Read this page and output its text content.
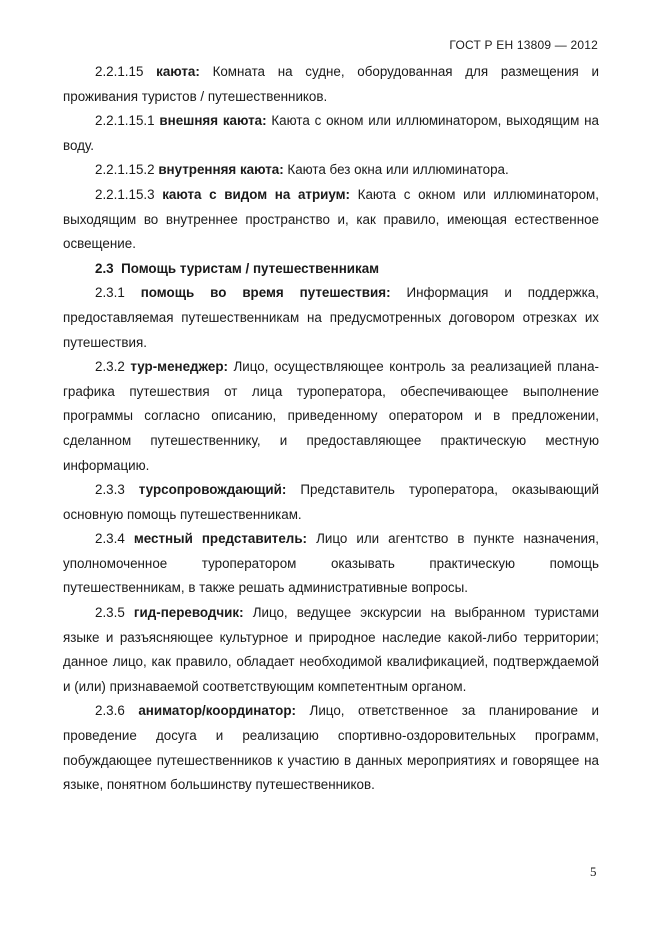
ГОСТ Р ЕН 13809 — 2012

2.2.1.15 каюта: Комната на судне, оборудованная для размещения и проживания туристов / путешественников.

2.2.1.15.1 внешняя каюта: Каюта с окном или иллюминатором, выходящим на воду.

2.2.1.15.2 внутренняя каюта: Каюта без окна или иллюминатора.

2.2.1.15.3 каюта с видом на атриум: Каюта с окном или иллюминатором, выходящим во внутреннее пространство и, как правило, имеющая естественное освещение.

2.3 Помощь туристам / путешественникам

2.3.1 помощь во время путешествия: Информация и поддержка, предоставляемая путешественникам на предусмотренных договором отрезках их путешествия.

2.3.2 тур-менеджер: Лицо, осуществляющее контроль за реализацией плана-графика путешествия от лица туроператора, обеспечивающее выполнение программы согласно описанию, приведенному оператором и в предложении, сделанном путешественнику, и предоставляющее практическую местную информацию.

2.3.3 турсопровождающий: Представитель туроператора, оказывающий основную помощь путешественникам.

2.3.4 местный представитель: Лицо или агентство в пункте назначения, уполномоченное туроператором оказывать практическую помощь путешественникам, в также решать административные вопросы.

2.3.5 гид-переводчик: Лицо, ведущее экскурсии на выбранном туристами языке и разъясняющее культурное и природное наследие какой-либо территории; данное лицо, как правило, обладает необходимой квалификацией, подтверждаемой и (или) признаваемой соответствующим компетентным органом.

2.3.6 аниматор/координатор: Лицо, ответственное за планирование и проведение досуга и реализацию спортивно-оздоровительных программ, побуждающее путешественников к участию в данных мероприятиях и говорящее на языке, понятном большинству путешественников.

5
